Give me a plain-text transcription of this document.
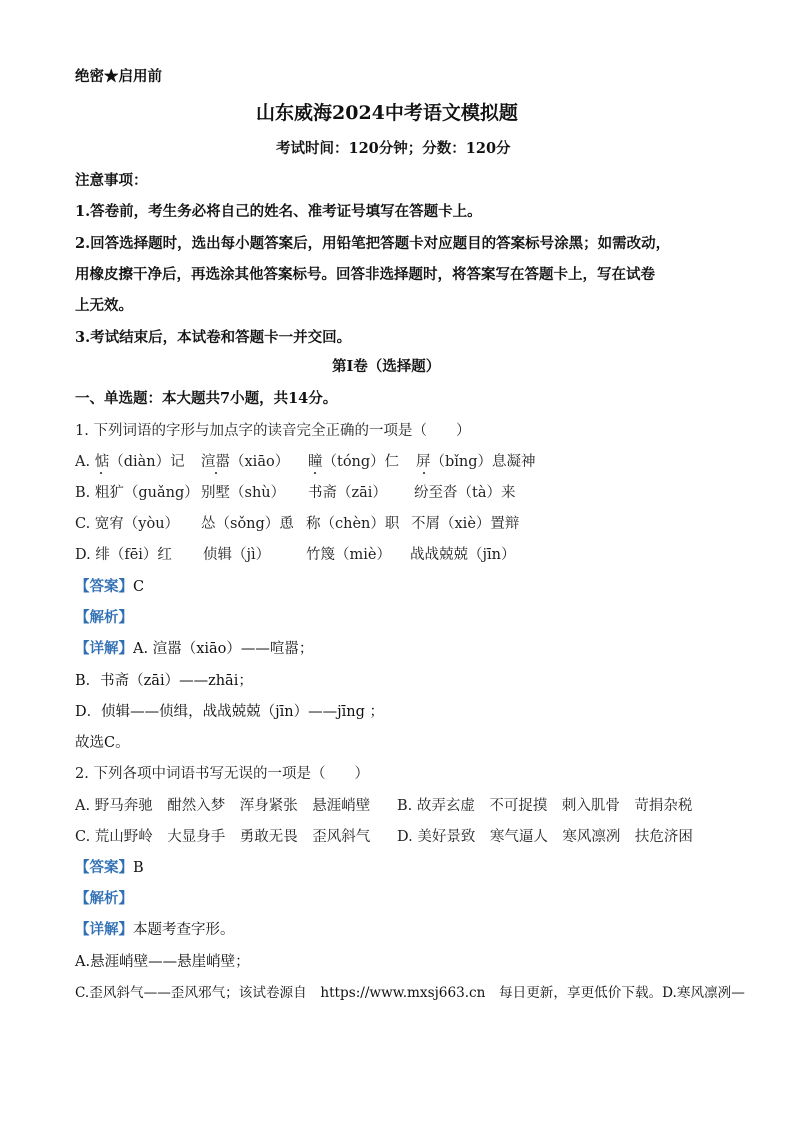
绝密★启用前
山东威海2024中考语文模拟题
考试时间：120分钟；分数：120分
注意事项：
1.答卷前，考生务必将自己的姓名、准考证号填写在答题卡上。
2.回答选择题时，选出每小题答案后，用铅笔把答题卡对应题目的答案标号涂黑；如需改动，
用橡皮擦干净后，再选涂其他答案标号。回答非选择题时，将答案写在答题卡上，写在试卷
上无效。
3.考试结束后，本试卷和答题卡一并交回。
第Ⅰ卷（选择题）
一、单选题：本大题共7小题，共14分。
1. 下列词语的字形与加点字的读音完全正确的一项是（　　）
A. 惦（diàn）记 渲嚣（xiāo） 瞳（tóng）仁 屏（bǐng）息凝神
B. 粗犷（guǎng） 别墅（shù） 书斋（zāi） 纷至沓（tà）来
C. 宽宥（yòu） 怂（sǒng）恿 称（chèn）职 不屑（xiè）置辩
D. 绯（fēi）红 侦辑（jì） 竹篾（miè） 战战兢兢（jīn）
【答案】C
【解析】
【详解】A. 渲嚣（xiāo）——喧嚣；
B．书斋（zāi）——zhāi；
D．侦辑——侦缉，战战兢兢（jīn）——jīng ；
故选C。
2. 下列各项中词语书写无误的一项是（　　）
A. 野马奔驰　酣然入梦　浑身紧张　悬涯峭壁 B. 故弄玄虚　不可捉摸　刺入肌骨　苛捐杂税
C. 荒山野岭　大显身手　勇敢无畏　歪风斜气 D. 美好景致　寒气逼人　寒风凛冽　扶危济困
【答案】B
【解析】
【详解】本题考查字形。
A.悬涯峭壁——悬崖峭壁；
C.歪风斜气——歪风邪气；该试卷源自　https://www.mxsj663.cn　每日更新，享更低价下载。D.寒风凛冽—
